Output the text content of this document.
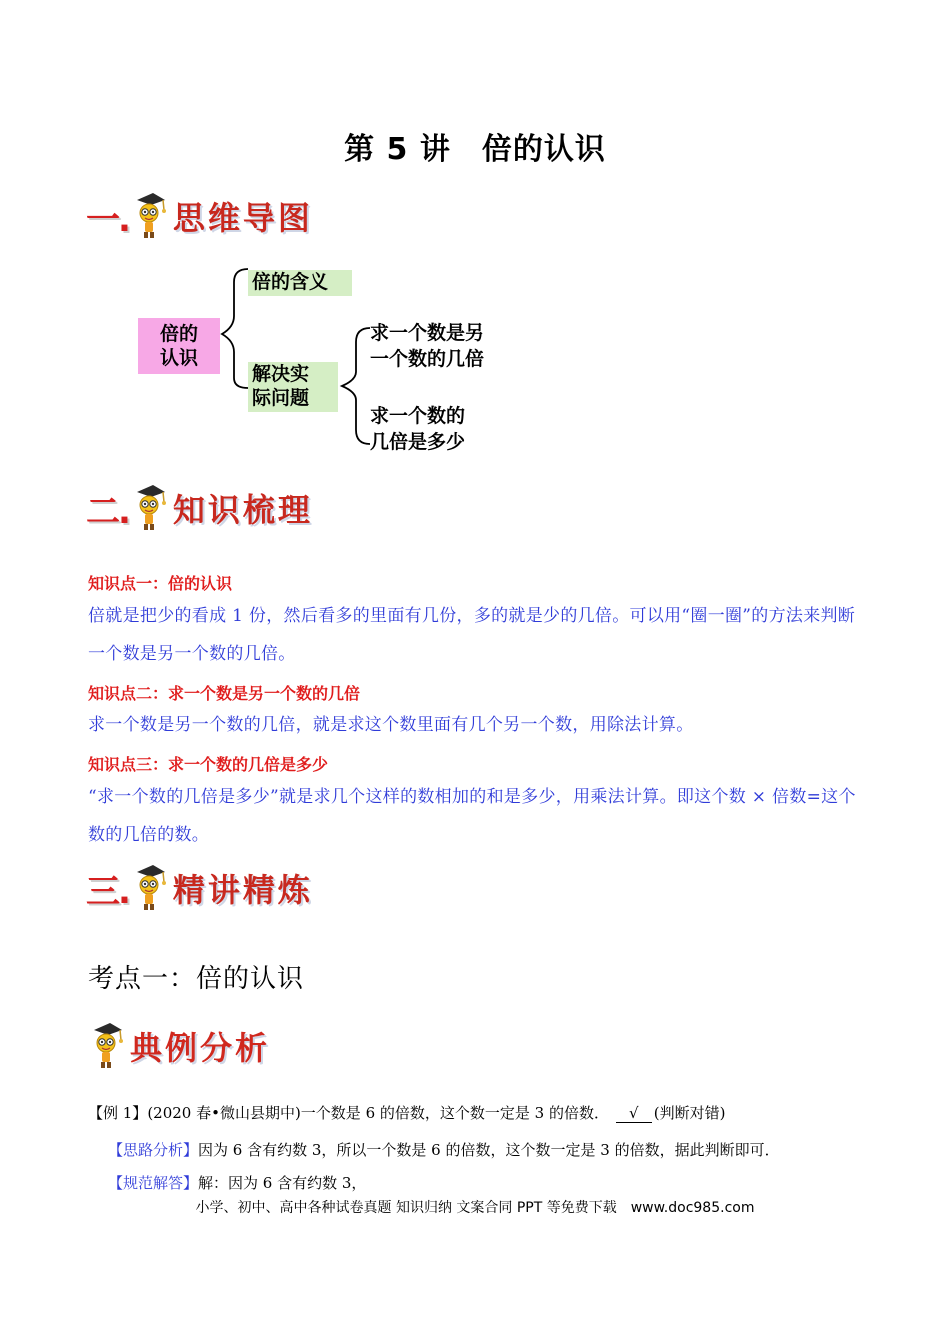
第 5 讲　倍的认识
一. 思维导图
倍的
认识
倍的含义
解决实
际问题
求一个数是另
一个数的几倍
求一个数的
几倍是多少
二. 知识梳理
知识点一：倍的认识
倍就是把少的看成 1 份，然后看多的里面有几份，多的就是少的几倍。可以用“圈一圈”的方法来判断一个数是另一个数的几倍。
知识点二：求一个数是另一个数的几倍
求一个数是另一个数的几倍，就是求这个数里面有几个另一个数，用除法计算。
知识点三：求一个数的几倍是多少
“求一个数的几倍是多少”就是求几个这样的数相加的和是多少，用乘法计算。即这个数 × 倍数=这个数的几倍的数。
三. 精讲精炼
考点一：倍的认识
典例分析
【例 1】(2020 春•微山县期中)一个数是 6 的倍数，这个数一定是 3 的倍数． √ (判断对错)
【思路分析】因为 6 含有约数 3，所以一个数是 6 的倍数，这个数一定是 3 的倍数，据此判断即可．
【规范解答】解：因为 6 含有约数 3，
小学、初中、高中各种试卷真题 知识归纳 文案合同 PPT 等免费下载　www.doc985.com
